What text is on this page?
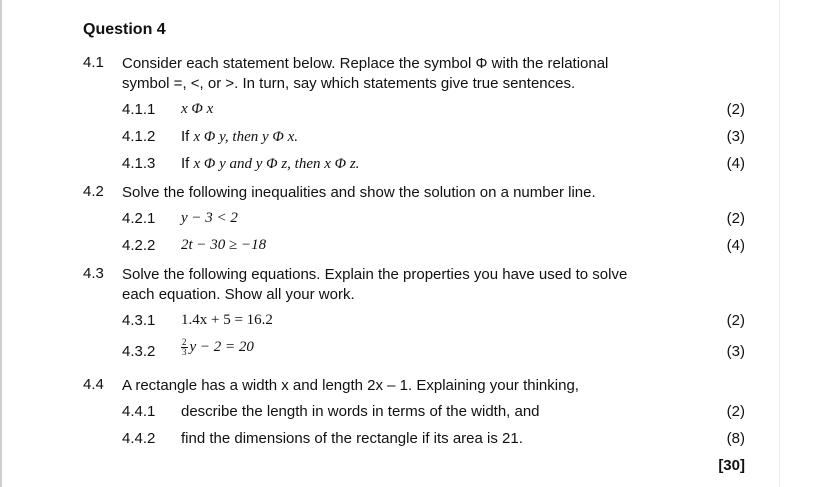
Question 4
4.1 Consider each statement below. Replace the symbol Φ with the relational
symbol =, <, or >. In turn, say which statements give true sentences.
4.1.1 x Φ x	(2)
4.1.2 If x Φ y, then y Φ x.	(3)
4.1.3 If x Φ y and y Φ z, then x Φ z.	(4)
4.2 Solve the following inequalities and show the solution on a number line.
4.2.1 y − 3 < 2	(2)
4.2.2 2t − 30 ≥ −18	(4)
4.3 Solve the following equations. Explain the properties you have used to solve
each equation. Show all your work.
4.3.1 1.4x + 5 = 16.2	(2)
4.3.2	$\frac{2}{3}$ y − 2 = 20	(3)
4.4 A rectangle has a width x and length 2x – 1. Explaining your thinking,
4.4.1 describe the length in words in terms of the width, and	(2)
4.4.2 find the dimensions of the rectangle if its area is 21.	(8)
[30]
